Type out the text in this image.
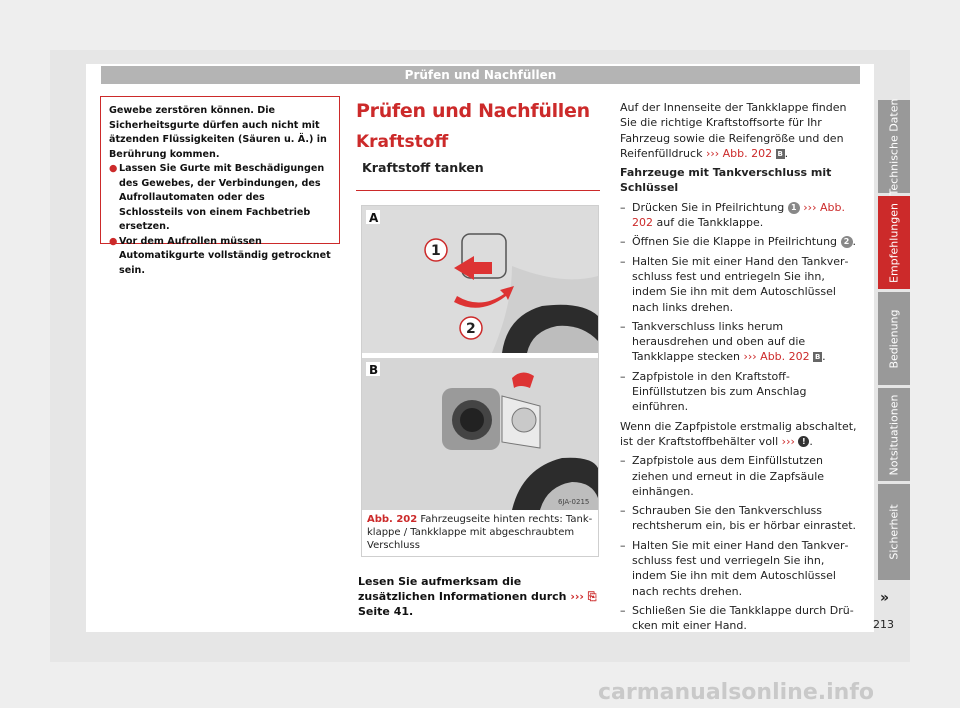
Prüfen und Nachfüllen

Gewebe zerstören können. Die Sicherheitsgurte dürfen auch nicht mit ätzenden Flüssigkeiten (Säuren u. Ä.) in Berührung kommen.

● Lassen Sie Gurte mit Beschädigungen des Gewebes, der Verbindungen, des Aufrollautomaten oder des Schlossteils von einem Fachbetrieb ersetzen.
● Vor dem Aufrollen müssen Automatikgurte vollständig getrocknet sein.
Prüfen und Nachfüllen
Kraftstoff
Kraftstoff tanken
A
1
2
B
6JA-0215
Abb. 202 Fahrzeugseite hinten rechts: Tankklappe / Tankklappe mit abgeschraubtem Verschluss
Lesen Sie aufmerksam die zusätzlichen Informationen durch ››› ⎘ Seite 41.

Auf der Innenseite der Tankklappe finden Sie die richtige Kraftstoffsorte für Ihr Fahrzeug sowie die Reifengröße und den Reifenfülldruck ››› Abb. 202 B .

Fahrzeuge mit Tankverschluss mit Schlüssel

– Drücken Sie in Pfeilrichtung 1 ››› Abb. 202 auf die Tankklappe.
– Öffnen Sie die Klappe in Pfeilrichtung 2 .
– Halten Sie mit einer Hand den Tankverschluss fest und entriegeln Sie ihn, indem Sie ihn mit dem Autoschlüssel nach links drehen.
– Tankverschluss links herum herausdrehen und oben auf die Tankklappe stecken ››› Abb. 202 B .
– Zapfpistole in den Kraftstoff-Einfüllstutzen bis zum Anschlag einführen.

Wenn die Zapfpistole erstmalig abschaltet, ist der Kraftstoffbehälter voll ››› ! .

– Zapfpistole aus dem Einfüllstutzen ziehen und erneut in die Zapfsäule einhängen.
– Schrauben Sie den Tankverschluss rechtsherum ein, bis er hörbar einrastet.
– Halten Sie mit einer Hand den Tankverschluss fest und verriegeln Sie ihn, indem Sie ihn mit dem Autoschlüssel nach rechts drehen.
– Schließen Sie die Tankklappe durch Drücken mit einer Hand.
Technische Daten
Empfehlungen
Bedienung
Notsituationen
Sicherheit
»
213
carmanualsonline.info
